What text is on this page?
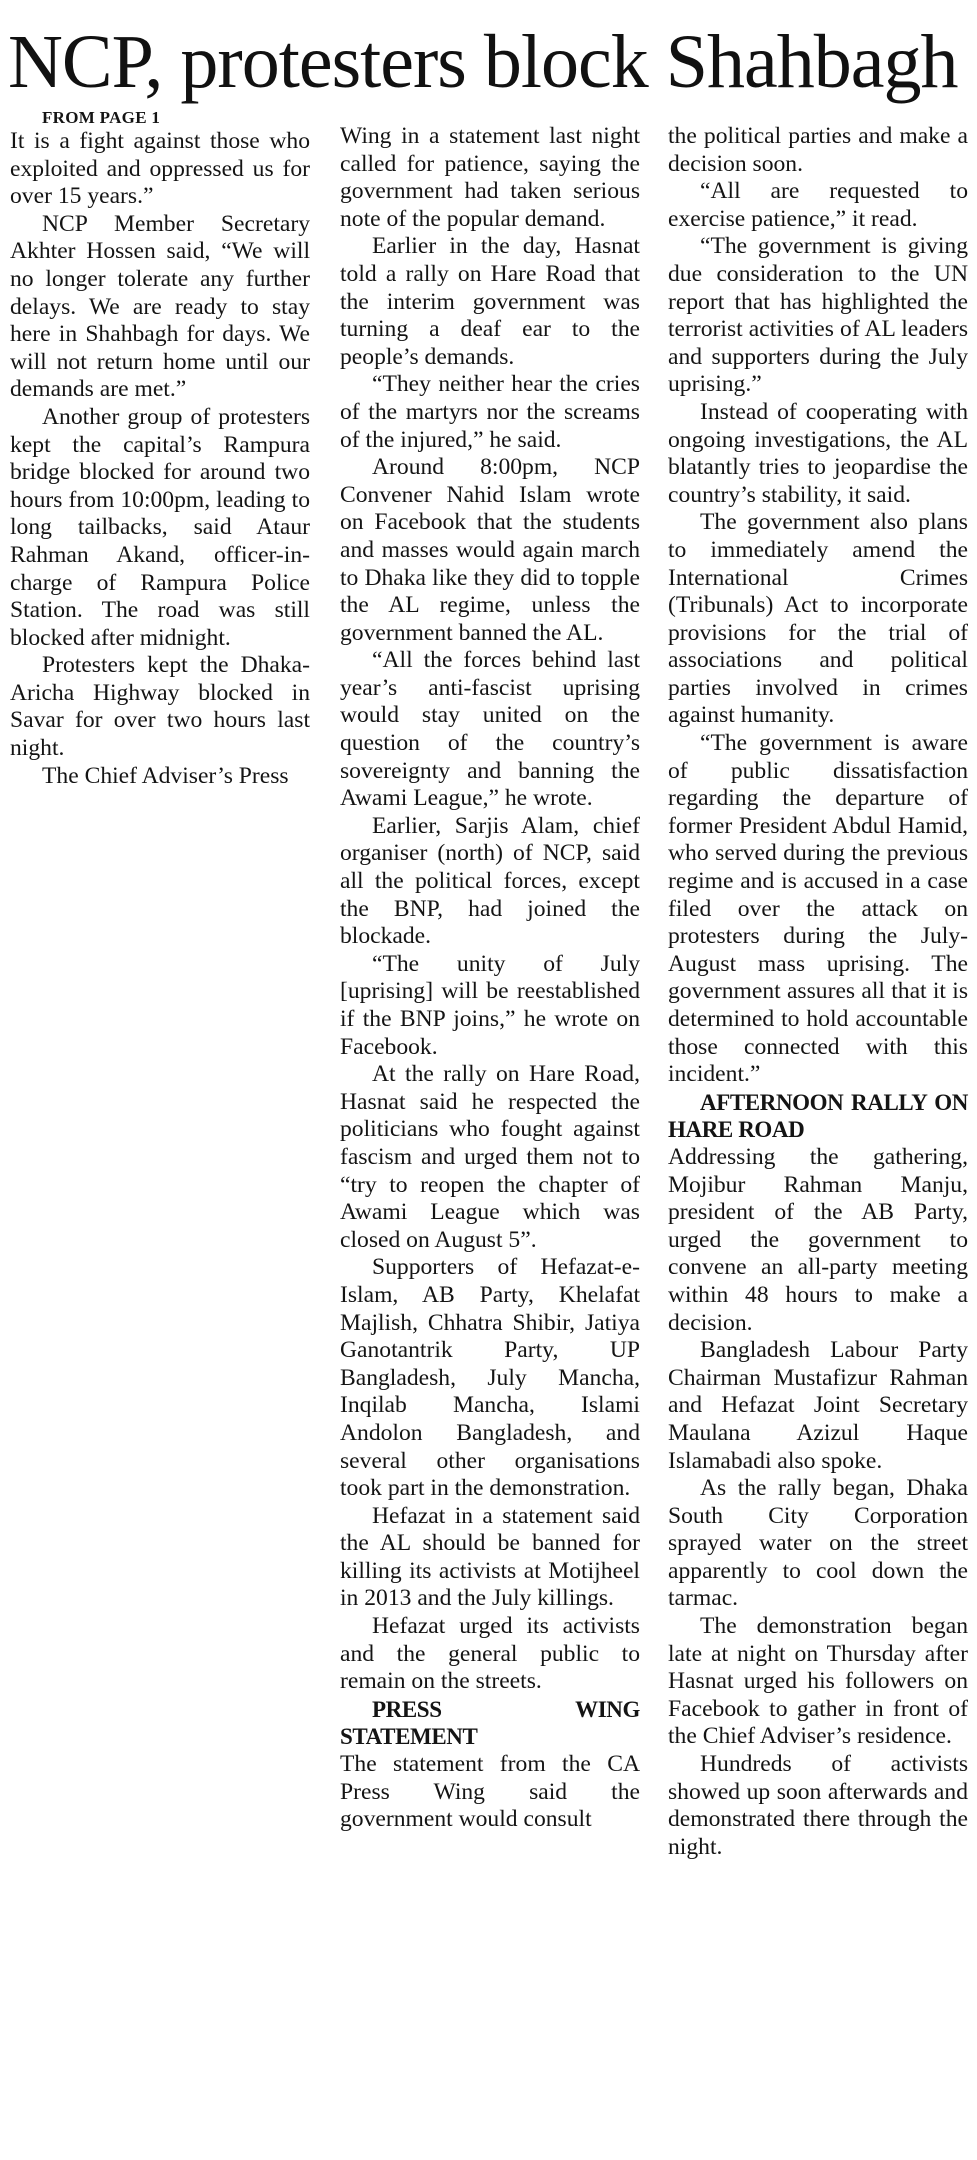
NCP, protesters block Shahbagh

FROM PAGE 1

It is a fight against those who exploited and oppressed us for over 15 years.”

NCP Member Secretary Akhter Hossen said, “We will no longer tolerate any further delays. We are ready to stay here in Shahbagh for days. We will not return home until our demands are met.”

Another group of protesters kept the capital’s Rampura bridge blocked for around two hours from 10:00pm, leading to long tailbacks, said Ataur Rahman Akand, officer-in-charge of Rampura Police Station. The road was still blocked after midnight.

Protesters kept the Dhaka-Aricha Highway blocked in Savar for over two hours last night.

The Chief Adviser’s Press

Wing in a statement last night called for patience, saying the government had taken serious note of the popular demand.

Earlier in the day, Hasnat told a rally on Hare Road that the interim government was turning a deaf ear to the people’s demands.

“They neither hear the cries of the martyrs nor the screams of the injured,” he said.

Around 8:00pm, NCP Convener Nahid Islam wrote on Facebook that the students and masses would again march to Dhaka like they did to topple the AL regime, unless the government banned the AL.

“All the forces behind last year’s anti-fascist uprising would stay united on the question of the country’s sovereignty and banning the Awami League,” he wrote.

Earlier, Sarjis Alam, chief organiser (north) of NCP, said all the political forces, except the BNP, had joined the blockade.

“The unity of July [uprising] will be reestablished if the BNP joins,” he wrote on Facebook.

At the rally on Hare Road, Hasnat said he respected the politicians who fought against fascism and urged them not to “try to reopen the chapter of Awami League which was closed on August 5”.

Supporters of Hefazat-e-Islam, AB Party, Khelafat Majlish, Chhatra Shibir, Jatiya Ganotantrik Party, UP Bangladesh, July Mancha, Inqilab Mancha, Islami Andolon Bangladesh, and several other organisations took part in the demonstration.

Hefazat in a statement said the AL should be banned for killing its activists at Motijheel in 2013 and the July killings.

Hefazat urged its activists and the general public to remain on the streets.

PRESS WING STATEMENT

The statement from the CA Press Wing said the government would consult

the political parties and make a decision soon.

“All are requested to exercise patience,” it read.

“The government is giving due consideration to the UN report that has highlighted the terrorist activities of AL leaders and supporters during the July uprising.”

Instead of cooperating with ongoing investigations, the AL blatantly tries to jeopardise the country’s stability, it said.

The government also plans to immediately amend the International Crimes (Tribunals) Act to incorporate provisions for the trial of associations and political parties involved in crimes against humanity.

“The government is aware of public dissatisfaction regarding the departure of former President Abdul Hamid, who served during the previous regime and is accused in a case filed over the attack on protesters during the July-August mass uprising. The government assures all that it is determined to hold accountable those connected with this incident.”

AFTERNOON RALLY ON HARE ROAD

Addressing the gathering, Mojibur Rahman Manju, president of the AB Party, urged the government to convene an all-party meeting within 48 hours to make a decision.

Bangladesh Labour Party Chairman Mustafizur Rahman and Hefazat Joint Secretary Maulana Azizul Haque Islamabadi also spoke.

As the rally began, Dhaka South City Corporation sprayed water on the street apparently to cool down the tarmac.

The demonstration began late at night on Thursday after Hasnat urged his followers on Facebook to gather in front of the Chief Adviser’s residence.

Hundreds of activists showed up soon afterwards and demonstrated there through the night.
